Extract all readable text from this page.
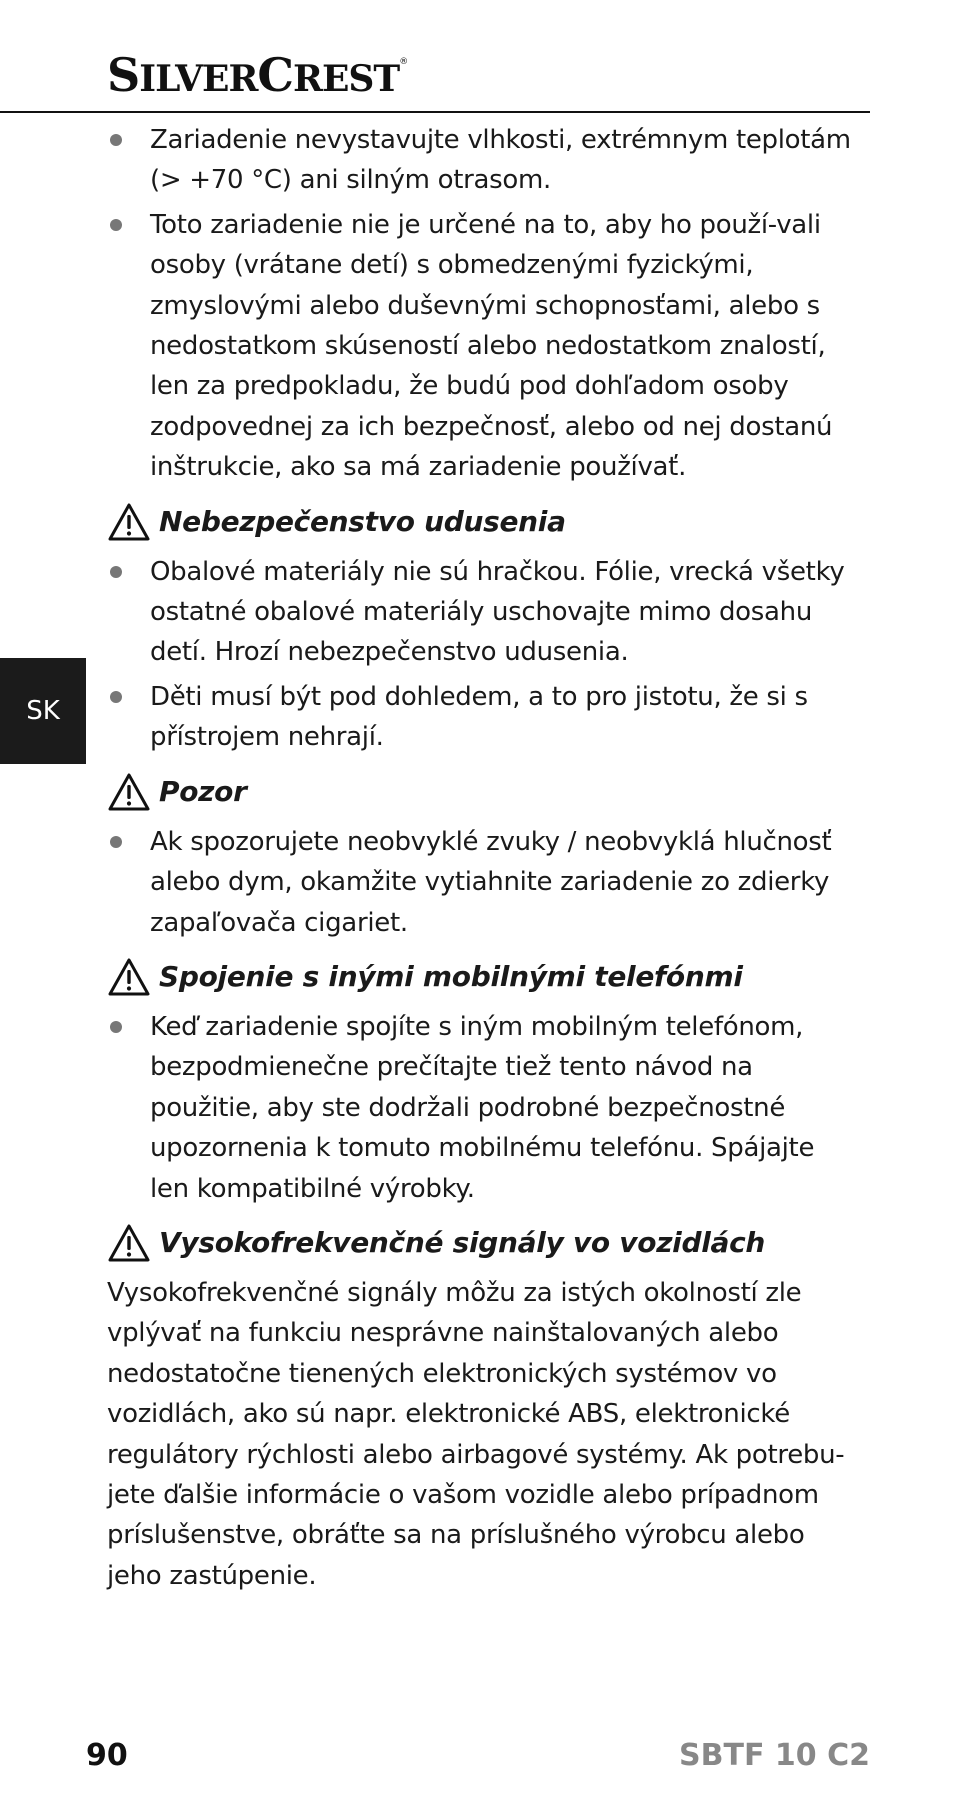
SILVERCREST®
SK
Zariadenie nevystavujte vlhkosti, extrémnym teplotám (> +70 °C) ani silným otrasom.
Toto zariadenie nie je určené na to, aby ho použí-vali osoby (vrátane detí) s obmedzenými fyzickými, zmyslovými alebo duševnými schopnosťami, alebo s nedostatkom skúseností alebo nedostatkom znalostí, len za predpokladu, že budú pod dohľadom osoby zodpovednej za ich bezpečnosť, alebo od nej dostanú inštrukcie, ako sa má zariadenie používať.
Nebezpečenstvo udusenia
Obalové materiály nie sú hračkou. Fólie, vrecká všetky ostatné obalové materiály uschovajte mimo dosahu detí. Hrozí nebezpečenstvo udusenia.
Děti musí být pod dohledem, a to pro jistotu, že si s přístrojem nehrají.
Pozor
Ak spozorujete neobvyklé zvuky / neobvyklá hlučnosť alebo dym, okamžite vytiahnite zariadenie zo zdierky zapaľovača cigariet.
Spojenie s inými mobilnými telefónmi
Keď zariadenie spojíte s iným mobilným telefónom, bezpodmienečne prečítajte tiež tento návod na použitie, aby ste dodržali podrobné bezpečnostné upozornenia k tomuto mobilnému telefónu. Spájajte len kompatibilné výrobky.
Vysokofrekvenčné signály vo vozidlách
Vysokofrekvenčné signály môžu za istých okolností zle vplývať na funkciu nesprávne nainštalovaných alebo nedostatočne tienených elektronických systémov vo vozidlách, ako sú napr. elektronické ABS, elektronické regulátory rýchlosti alebo airbagové systémy. Ak potrebu-jete ďalšie informácie o vašom vozidle alebo prípadnom príslušenstve, obráťte sa na príslušného výrobcu alebo jeho zastúpenie.
90	SBTF 10 C2
